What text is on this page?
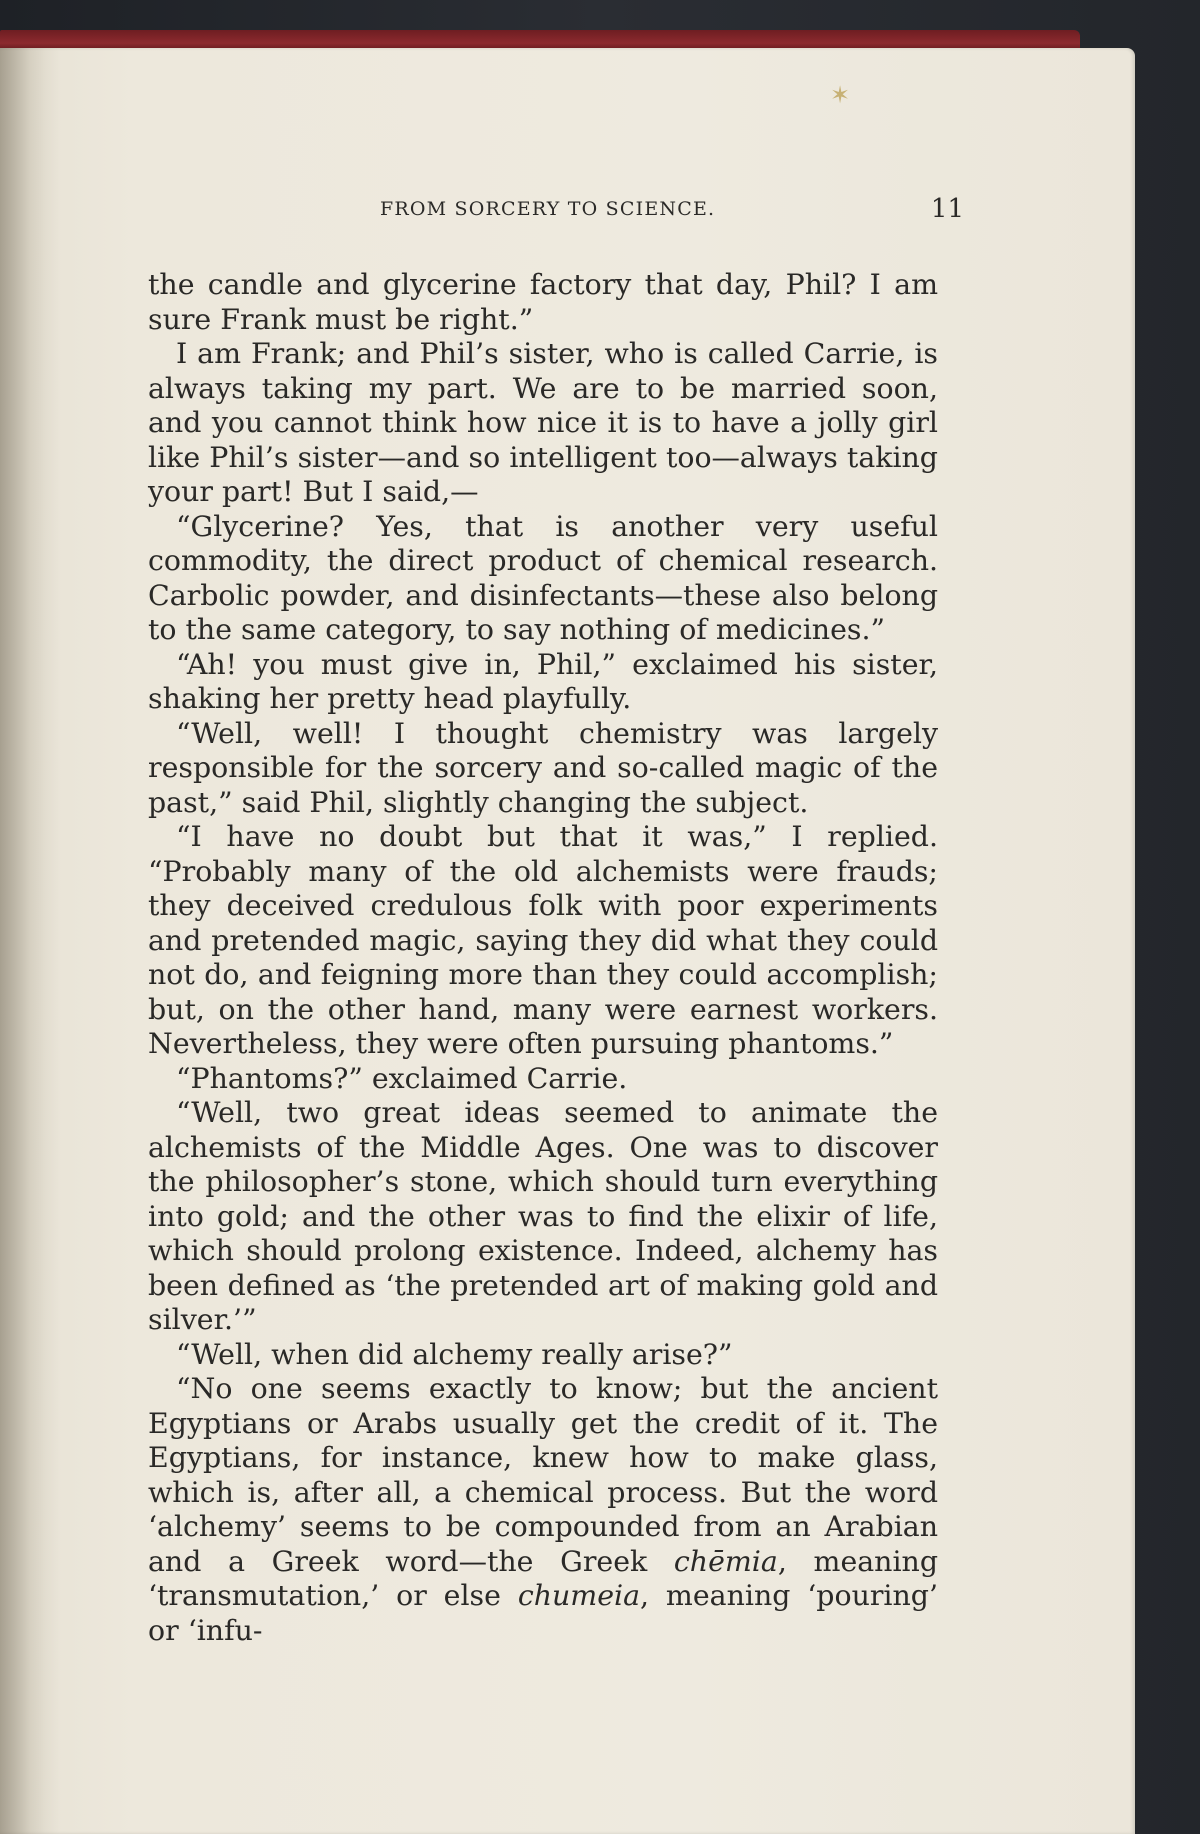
✶
FROM SORCERY TO SCIENCE.	11

the candle and glycerine factory that day, Phil? I am sure Frank must be right.”

I am Frank; and Phil’s sister, who is called Carrie, is always taking my part. We are to be married soon, and you cannot think how nice it is to have a jolly girl like Phil’s sister—and so intelligent too—always taking your part! But I said,—

“Glycerine? Yes, that is another very useful commodity, the direct product of chemical research. Carbolic powder, and disinfectants—these also belong to the same category, to say nothing of medicines.”

“Ah! you must give in, Phil,” exclaimed his sister, shaking her pretty head playfully.

“Well, well! I thought chemistry was largely responsible for the sorcery and so-called magic of the past,” said Phil, slightly changing the subject.

“I have no doubt but that it was,” I replied. “Probably many of the old alchemists were frauds; they deceived credulous folk with poor experiments and pretended magic, saying they did what they could not do, and feigning more than they could accomplish; but, on the other hand, many were earnest workers. Nevertheless, they were often pursuing phantoms.”

“Phantoms?” exclaimed Carrie.

“Well, two great ideas seemed to animate the alchemists of the Middle Ages. One was to discover the philosopher’s stone, which should turn everything into gold; and the other was to find the elixir of life, which should prolong existence. Indeed, alchemy has been defined as ‘the pretended art of making gold and silver.’”

“Well, when did alchemy really arise?”

“No one seems exactly to know; but the ancient Egyptians or Arabs usually get the credit of it. The Egyptians, for instance, knew how to make glass, which is, after all, a chemical process. But the word ‘alchemy’ seems to be compounded from an Arabian and a Greek word—the Greek chēmia, meaning ‘transmutation,’ or else chumeia, meaning ‘pouring’ or ‘infu-
